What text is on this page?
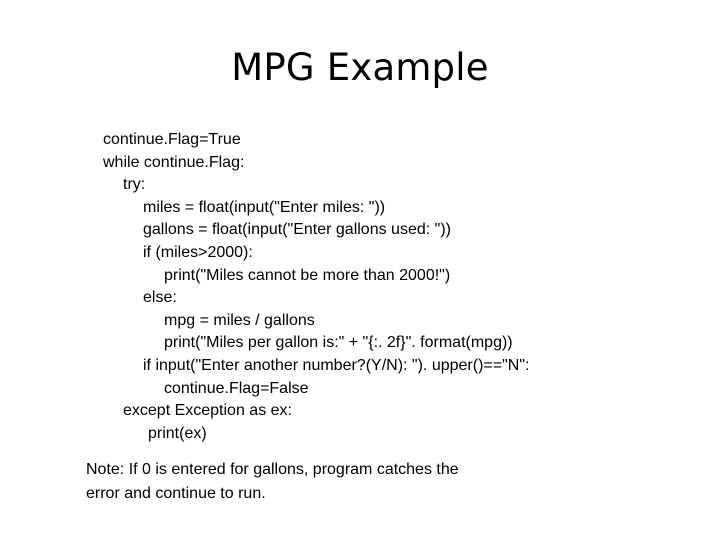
MPG Example
continue.Flag=True
while continue.Flag:
try:
miles = float(input("Enter miles: "))
gallons = float(input("Enter gallons used: "))
if (miles>2000):
print("Miles cannot be more than 2000!")
else:
mpg = miles / gallons
print("Miles per gallon is:" + "{:. 2f}". format(mpg))
if input("Enter another number?(Y/N): "). upper()=="N":
continue.Flag=False
except Exception as ex:
print(ex)

Note: If 0 is entered for gallons, program catches the
error and continue to run.
